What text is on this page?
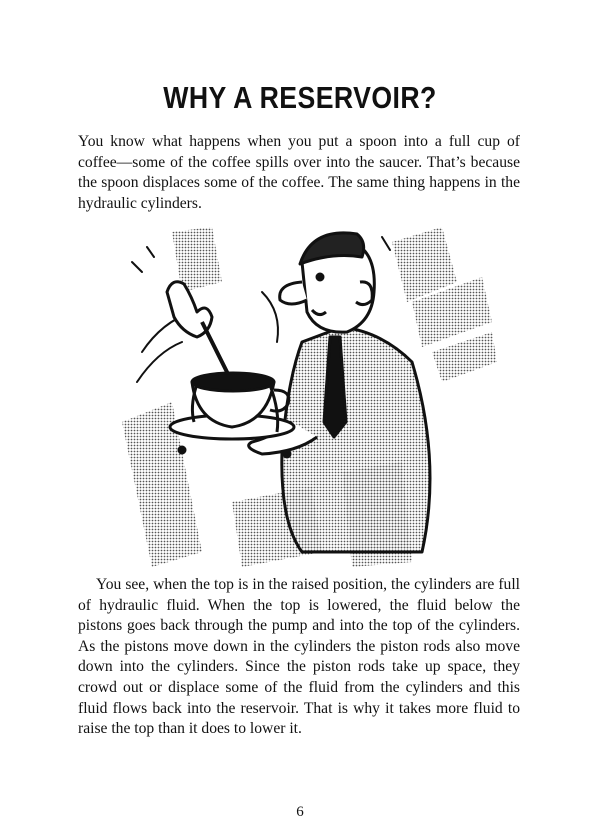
WHY A RESERVOIR?

You know what happens when you put a spoon into a full cup of coffee—some of the coffee spills over into the saucer. That’s because the spoon displaces some of the coffee. The same thing happens in the hydraulic cylinders.

You see, when the top is in the raised position, the cylinders are full of hydraulic fluid. When the top is lowered, the fluid below the pistons goes back through the pump and into the top of the cylinders. As the pistons move down in the cylinders the piston rods also move down into the cylinders. Since the piston rods take up space, they crowd out or displace some of the fluid from the cylinders and this fluid flows back into the reservoir. That is why it takes more fluid to raise the top than it does to lower it.

6
